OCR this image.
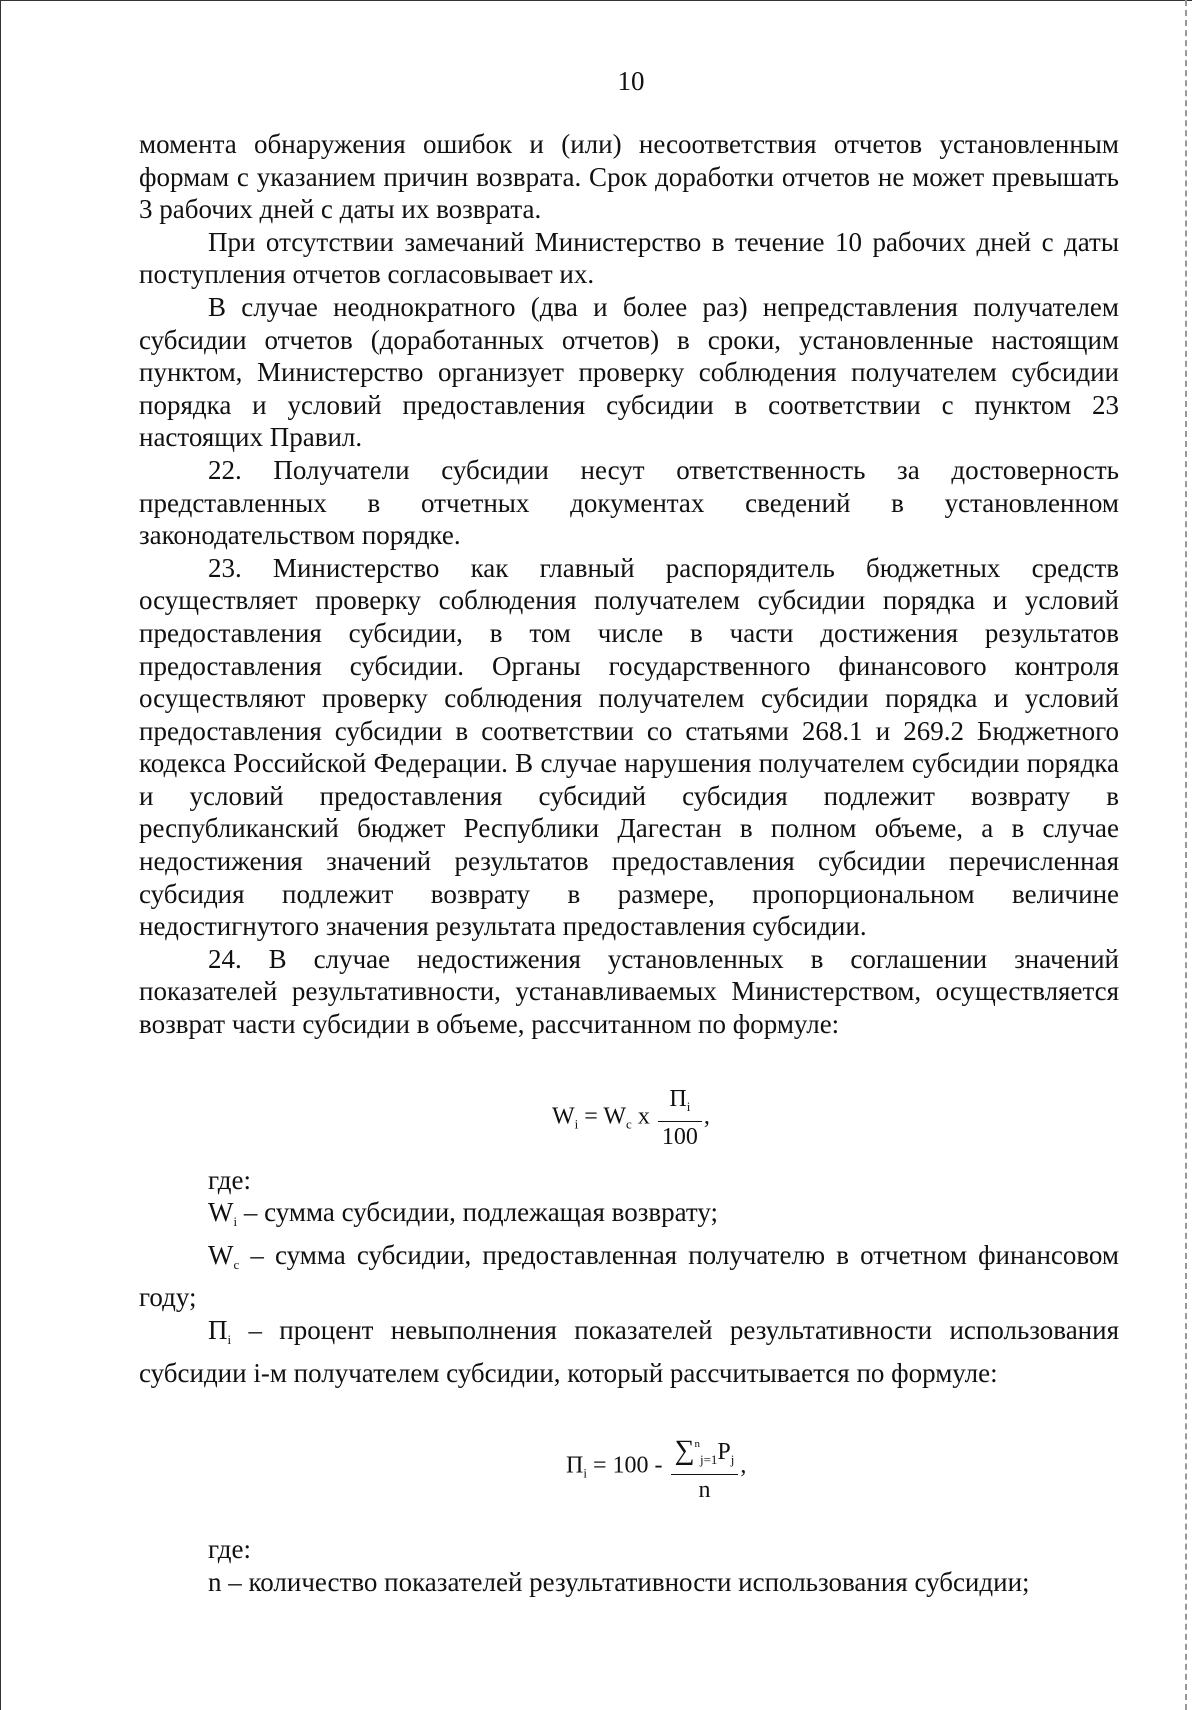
10

момента обнаружения ошибок и (или) несоответствия отчетов установленным формам с указанием причин возврата. Срок доработки отчетов не может превышать 3 рабочих дней с даты их возврата.

При отсутствии замечаний Министерство в течение 10 рабочих дней с даты поступления отчетов согласовывает их.

В случае неоднократного (два и более раз) непредставления получателем субсидии отчетов (доработанных отчетов) в сроки, установленные настоящим пунктом, Министерство организует проверку соблюдения получателем субсидии порядка и условий предоставления субсидии в соответствии с пунктом 23 настоящих Правил.

22. Получатели субсидии несут ответственность за достоверность представленных в отчетных документах сведений в установленном законодательством порядке.

23. Министерство как главный распорядитель бюджетных средств осуществляет проверку соблюдения получателем субсидии порядка и условий предоставления субсидии, в том числе в части достижения результатов предоставления субсидии. Органы государственного финансового контроля осуществляют проверку соблюдения получателем субсидии порядка и условий предоставления субсидии в соответствии со статьями 268.1 и 269.2 Бюджетного кодекса Российской Федерации. В случае нарушения получателем субсидии порядка и условий предоставления субсидий субсидия подлежит возврату в республиканский бюджет Республики Дагестан в полном объеме, а в случае недостижения значений результатов предоставления субсидии перечисленная субсидия подлежит возврату в размере, пропорциональном величине недостигнутого значения результата предоставления субсидии.

24. В случае недостижения установленных в соглашении значений показателей результативности, устанавливаемых Министерством, осуществляется возврат части субсидии в объеме, рассчитанном по формуле:

$W_i = W_c$ x $\frac{П_i}{100}$ ,

где:

$W_i$ – сумма субсидии, подлежащая возврату;

$W_c$ – сумма субсидии, предоставленная получателю в отчетном финансовом году;

$П_i$ – процент невыполнения показателей результативности использования субсидии i-м получателем субсидии, который рассчитывается по формуле:

$П_i = 100 - \frac{\sum^n_{j=1}P_j}{n}$ ,

где:

n – количество показателей результативности использования субсидии;
